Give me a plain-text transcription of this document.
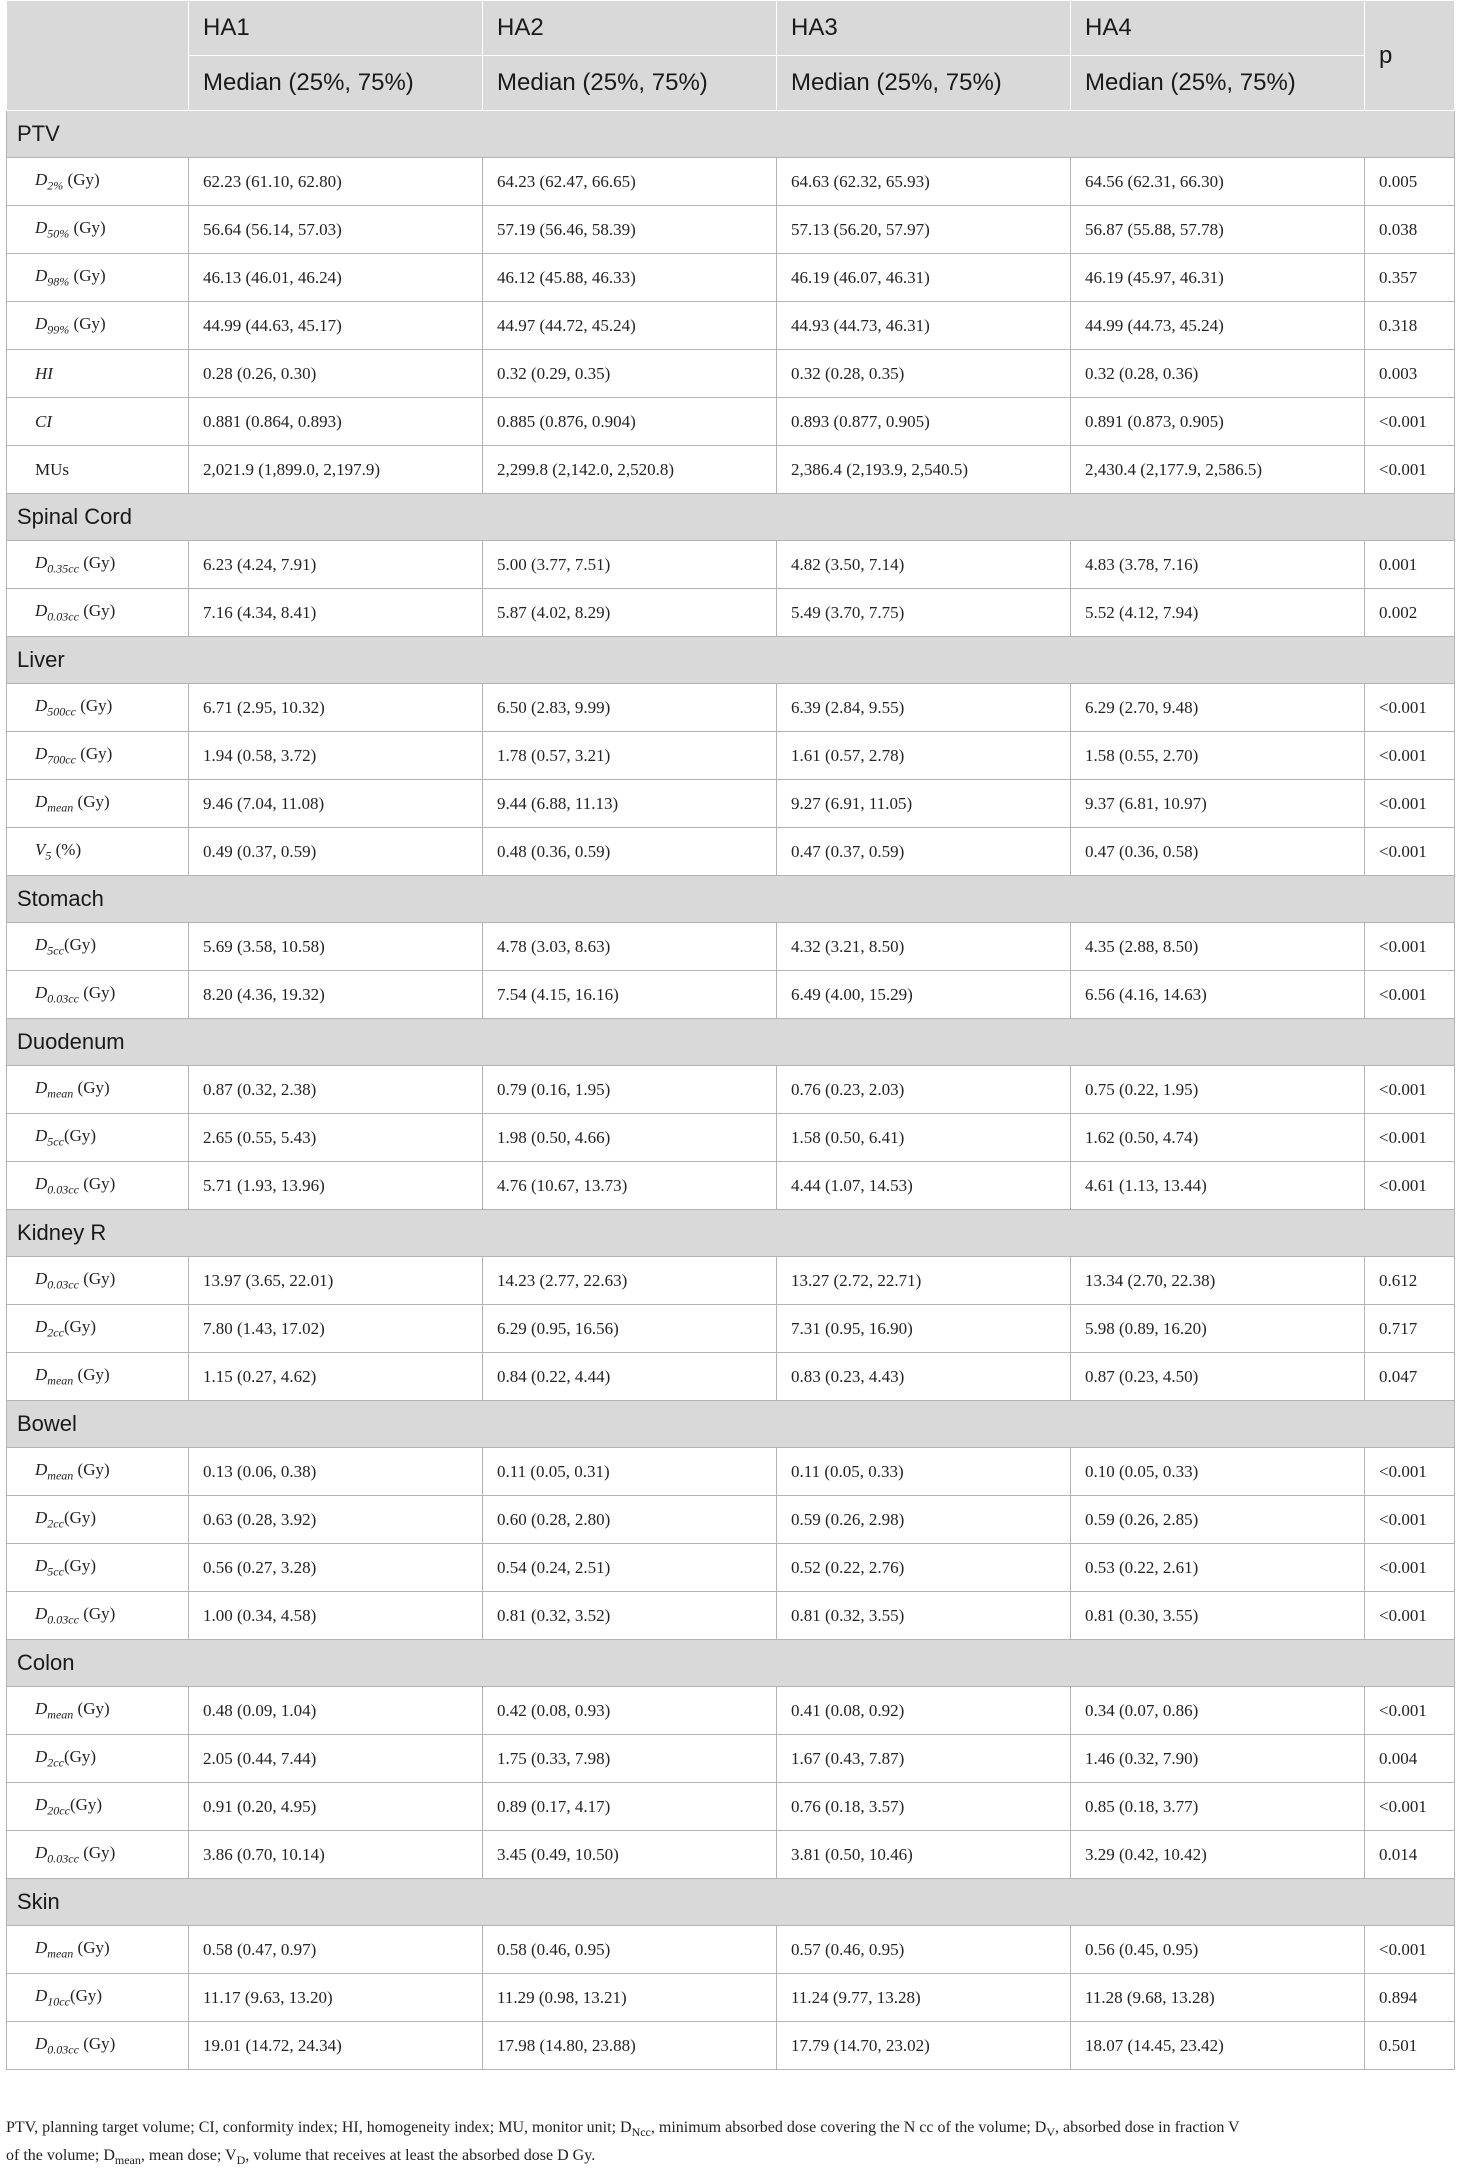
	HA1	HA2	HA3	HA4	p
	Median (25%, 75%)	Median (25%, 75%)	Median (25%, 75%)	Median (25%, 75%)	
PTV					
$D_{2\%}$ (Gy)	62.23 (61.10, 62.80)	64.23 (62.47, 66.65)	64.63 (62.32, 65.93)	64.56 (62.31, 66.30)	0.005
$D_{50\%}$ (Gy)	56.64 (56.14, 57.03)	57.19 (56.46, 58.39)	57.13 (56.20, 57.97)	56.87 (55.88, 57.78)	0.038
$D_{98\%}$ (Gy)	46.13 (46.01, 46.24)	46.12 (45.88, 46.33)	46.19 (46.07, 46.31)	46.19 (45.97, 46.31)	0.357
$D_{99\%}$ (Gy)	44.99 (44.63, 45.17)	44.97 (44.72, 45.24)	44.93 (44.73, 46.31)	44.99 (44.73, 45.24)	0.318
HI	0.28 (0.26, 0.30)	0.32 (0.29, 0.35)	0.32 (0.28, 0.35)	0.32 (0.28, 0.36)	0.003
CI	0.881 (0.864, 0.893)	0.885 (0.876, 0.904)	0.893 (0.877, 0.905)	0.891 (0.873, 0.905)	<0.001
MUs	2,021.9 (1,899.0, 2,197.9)	2,299.8 (2,142.0, 2,520.8)	2,386.4 (2,193.9, 2,540.5)	2,430.4 (2,177.9, 2,586.5)	<0.001
Spinal Cord					
$D_{0.35cc}$ (Gy)	6.23 (4.24, 7.91)	5.00 (3.77, 7.51)	4.82 (3.50, 7.14)	4.83 (3.78, 7.16)	0.001
$D_{0.03cc}$ (Gy)	7.16 (4.34, 8.41)	5.87 (4.02, 8.29)	5.49 (3.70, 7.75)	5.52 (4.12, 7.94)	0.002
Liver					
$D_{500cc}$ (Gy)	6.71 (2.95, 10.32)	6.50 (2.83, 9.99)	6.39 (2.84, 9.55)	6.29 (2.70, 9.48)	<0.001
$D_{700cc}$ (Gy)	1.94 (0.58, 3.72)	1.78 (0.57, 3.21)	1.61 (0.57, 2.78)	1.58 (0.55, 2.70)	<0.001
$D_{mean}$ (Gy)	9.46 (7.04, 11.08)	9.44 (6.88, 11.13)	9.27 (6.91, 11.05)	9.37 (6.81, 10.97)	<0.001
$V_5$ (%)	0.49 (0.37, 0.59)	0.48 (0.36, 0.59)	0.47 (0.37, 0.59)	0.47 (0.36, 0.58)	<0.001
Stomach					
$D_{5cc}(Gy)$	5.69 (3.58, 10.58)	4.78 (3.03, 8.63)	4.32 (3.21, 8.50)	4.35 (2.88, 8.50)	<0.001
$D_{0.03cc}$ (Gy)	8.20 (4.36, 19.32)	7.54 (4.15, 16.16)	6.49 (4.00, 15.29)	6.56 (4.16, 14.63)	<0.001
Duodenum					
$D_{mean}$ (Gy)	0.87 (0.32, 2.38)	0.79 (0.16, 1.95)	0.76 (0.23, 2.03)	0.75 (0.22, 1.95)	<0.001
$D_{5cc}(Gy)$	2.65 (0.55, 5.43)	1.98 (0.50, 4.66)	1.58 (0.50, 6.41)	1.62 (0.50, 4.74)	<0.001
$D_{0.03cc}$ (Gy)	5.71 (1.93, 13.96)	4.76 (10.67, 13.73)	4.44 (1.07, 14.53)	4.61 (1.13, 13.44)	<0.001
Kidney R					
$D_{0.03cc}$ (Gy)	13.97 (3.65, 22.01)	14.23 (2.77, 22.63)	13.27 (2.72, 22.71)	13.34 (2.70, 22.38)	0.612
$D_{2cc}(Gy)$	7.80 (1.43, 17.02)	6.29 (0.95, 16.56)	7.31 (0.95, 16.90)	5.98 (0.89, 16.20)	0.717
$D_{mean}$ (Gy)	1.15 (0.27, 4.62)	0.84 (0.22, 4.44)	0.83 (0.23, 4.43)	0.87 (0.23, 4.50)	0.047
Bowel					
$D_{mean}$ (Gy)	0.13 (0.06, 0.38)	0.11 (0.05, 0.31)	0.11 (0.05, 0.33)	0.10 (0.05, 0.33)	<0.001
$D_{2cc}(Gy)$	0.63 (0.28, 3.92)	0.60 (0.28, 2.80)	0.59 (0.26, 2.98)	0.59 (0.26, 2.85)	<0.001
$D_{5cc}(Gy)$	0.56 (0.27, 3.28)	0.54 (0.24, 2.51)	0.52 (0.22, 2.76)	0.53 (0.22, 2.61)	<0.001
$D_{0.03cc}$ (Gy)	1.00 (0.34, 4.58)	0.81 (0.32, 3.52)	0.81 (0.32, 3.55)	0.81 (0.30, 3.55)	<0.001
Colon					
$D_{mean}$ (Gy)	0.48 (0.09, 1.04)	0.42 (0.08, 0.93)	0.41 (0.08, 0.92)	0.34 (0.07, 0.86)	<0.001
$D_{2cc}(Gy)$	2.05 (0.44, 7.44)	1.75 (0.33, 7.98)	1.67 (0.43, 7.87)	1.46 (0.32, 7.90)	0.004
$D_{20cc}(Gy)$	0.91 (0.20, 4.95)	0.89 (0.17, 4.17)	0.76 (0.18, 3.57)	0.85 (0.18, 3.77)	<0.001
$D_{0.03cc}$ (Gy)	3.86 (0.70, 10.14)	3.45 (0.49, 10.50)	3.81 (0.50, 10.46)	3.29 (0.42, 10.42)	0.014
Skin					
$D_{mean}$ (Gy)	0.58 (0.47, 0.97)	0.58 (0.46, 0.95)	0.57 (0.46, 0.95)	0.56 (0.45, 0.95)	<0.001
$D_{10cc}(Gy)$	11.17 (9.63, 13.20)	11.29 (0.98, 13.21)	11.24 (9.77, 13.28)	11.28 (9.68, 13.28)	0.894
$D_{0.03cc}$ (Gy)	19.01 (14.72, 24.34)	17.98 (14.80, 23.88)	17.79 (14.70, 23.02)	18.07 (14.45, 23.42)	0.501
PTV, planning target volume; CI, conformity index; HI, homogeneity index; MU, monitor unit; $D_{Ncc}$, minimum absorbed dose covering the N cc of the volume; $D_V$, absorbed dose in fraction V
of the volume; $D_{mean}$, mean dose; $V_D$, volume that receives at least the absorbed dose D Gy.
